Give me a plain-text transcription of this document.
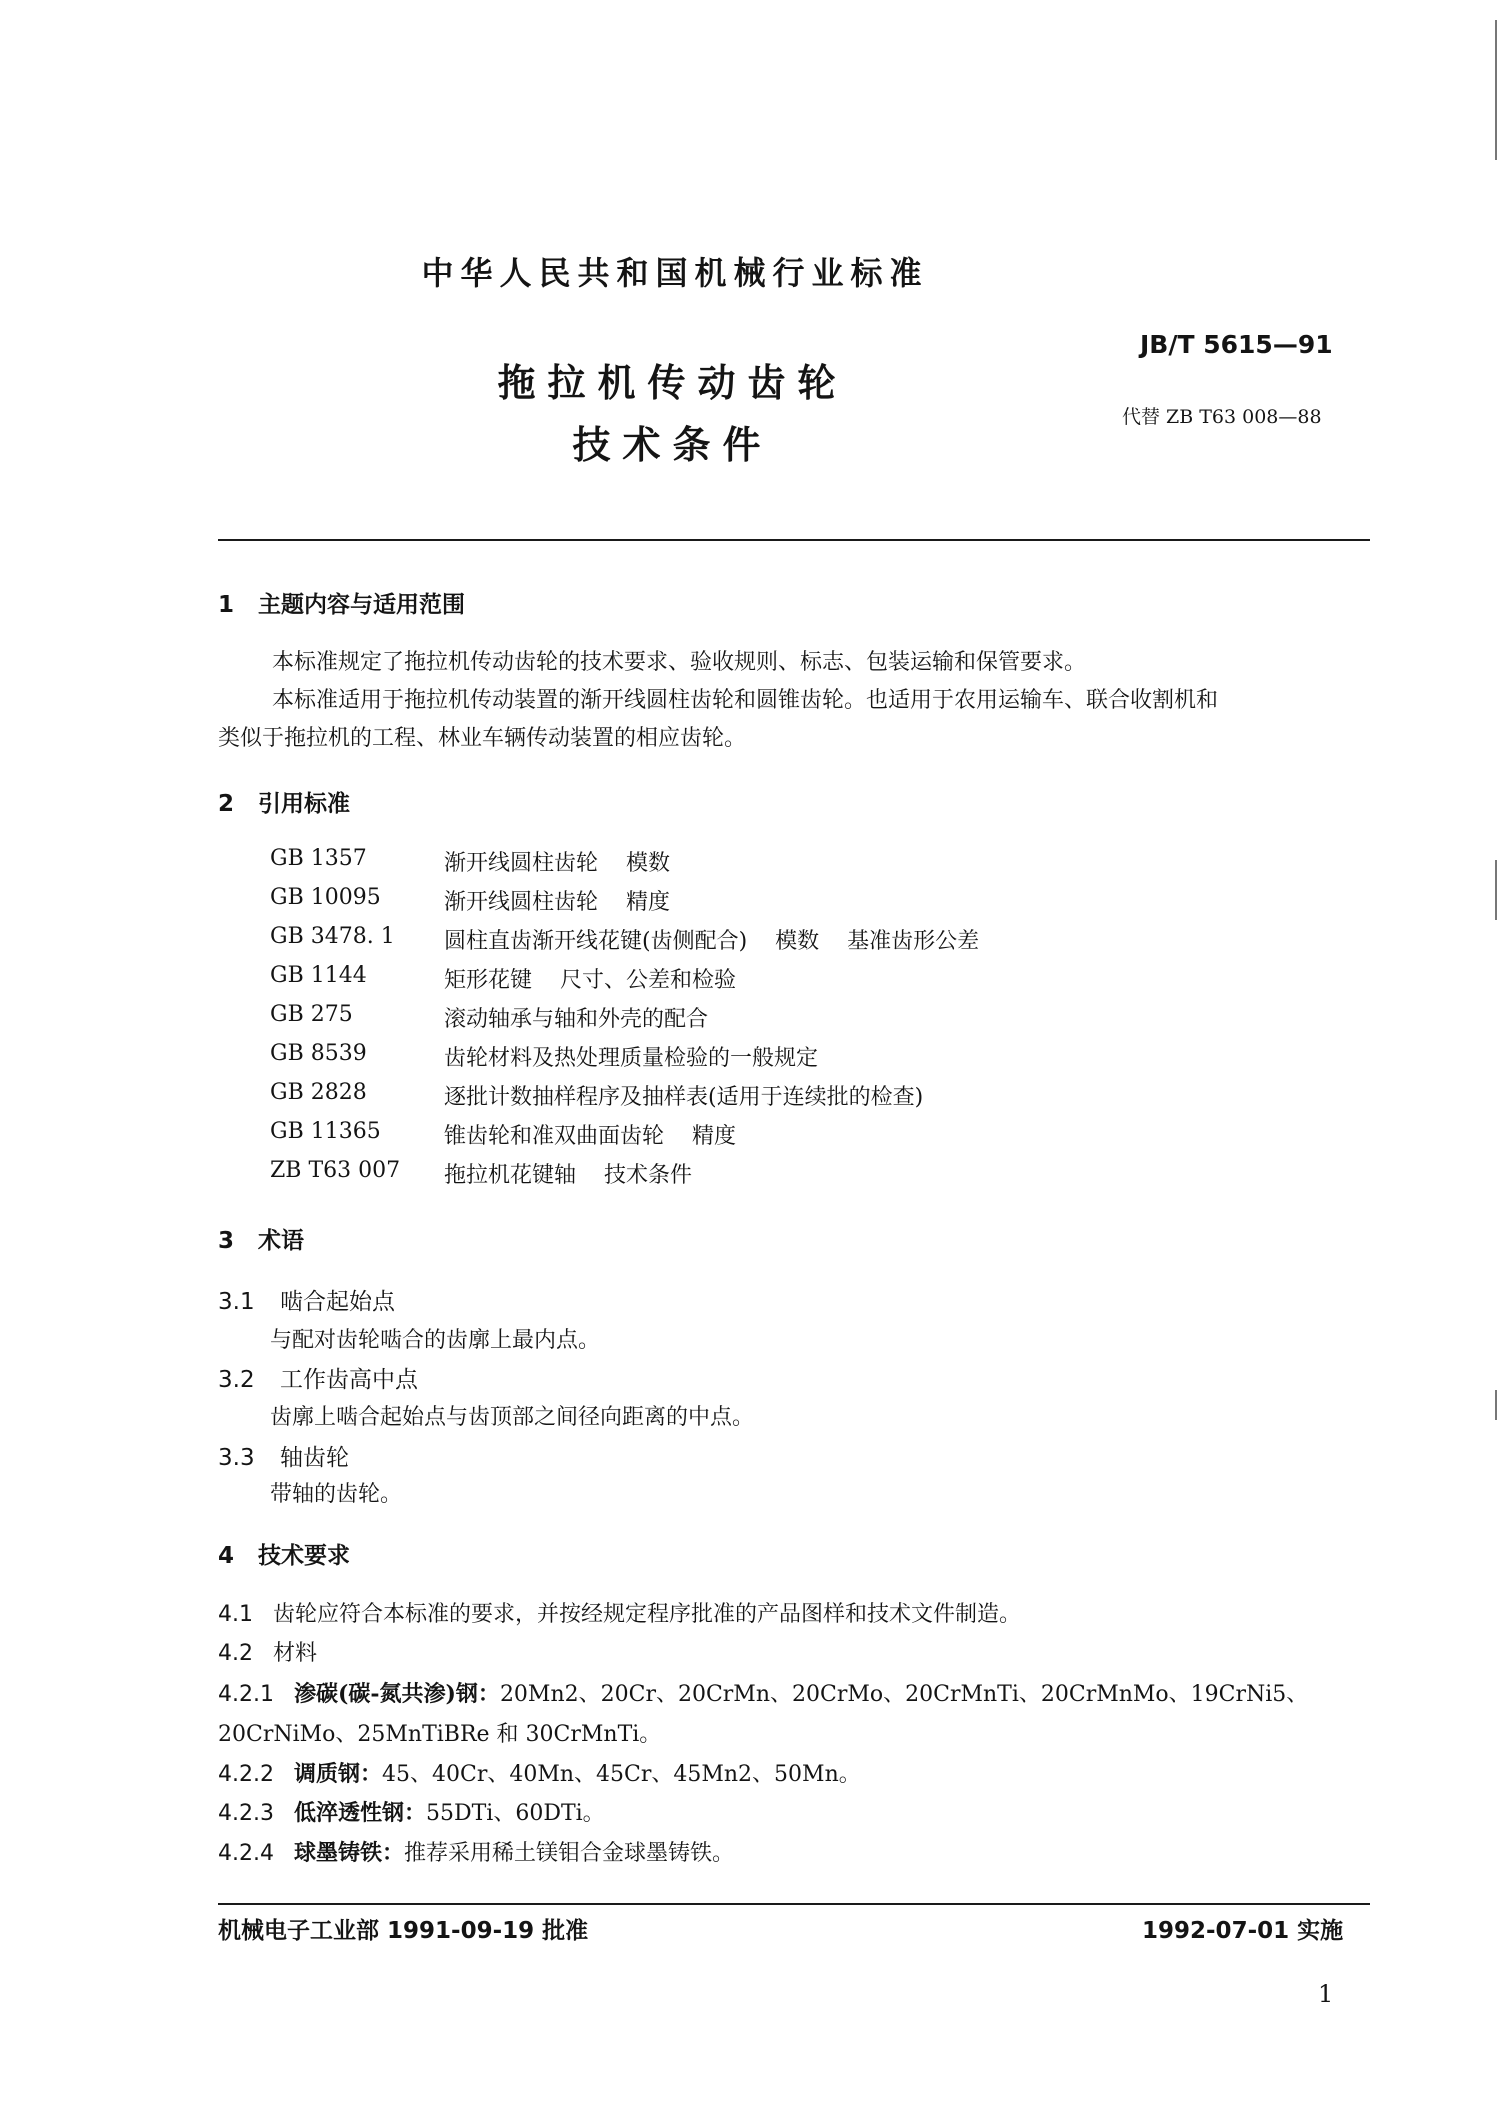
中华人民共和国机械行业标准
JB/T 5615—91
代替 ZB T63 008—88
拖拉机传动齿轮
技术条件
1 主题内容与适用范围
本标准规定了拖拉机传动齿轮的技术要求、验收规则、标志、包装运输和保管要求。
本标准适用于拖拉机传动装置的渐开线圆柱齿轮和圆锥齿轮。也适用于农用运输车、联合收割机和
类似于拖拉机的工程、林业车辆传动装置的相应齿轮。
2 引用标准
GB 1357	渐开线圆柱齿轮    模数
GB 10095	渐开线圆柱齿轮    精度
GB 3478. 1 圆柱直齿渐开线花键(齿侧配合)    模数    基准齿形公差
GB 1144	矩形花键    尺寸、公差和检验
GB 275	滚动轴承与轴和外壳的配合
GB 8539	齿轮材料及热处理质量检验的一般规定
GB 2828	逐批计数抽样程序及抽样表(适用于连续批的检查)
GB 11365	锥齿轮和准双曲面齿轮    精度
ZB T63 007 拖拉机花键轴    技术条件
3 术语
3.1 啮合起始点
与配对齿轮啮合的齿廓上最内点。
3.2 工作齿高中点
齿廓上啮合起始点与齿顶部之间径向距离的中点。
3.3 轴齿轮
带轴的齿轮。
4 技术要求
4.1 齿轮应符合本标准的要求，并按经规定程序批准的产品图样和技术文件制造。
4.2 材料
4.2.1 渗碳(碳-氮共渗)钢：20Mn2、20Cr、20CrMn、20CrMo、20CrMnTi、20CrMnMo、19CrNi5、
20CrNiMo、25MnTiBRe 和 30CrMnTi。
4.2.2 调质钢：45、40Cr、40Mn、45Cr、45Mn2、50Mn。
4.2.3 低淬透性钢：55DTi、60DTi。
4.2.4 球墨铸铁：推荐采用稀土镁钼合金球墨铸铁。
机械电子工业部 1991-09-19 批准	1992-07-01 实施
1
